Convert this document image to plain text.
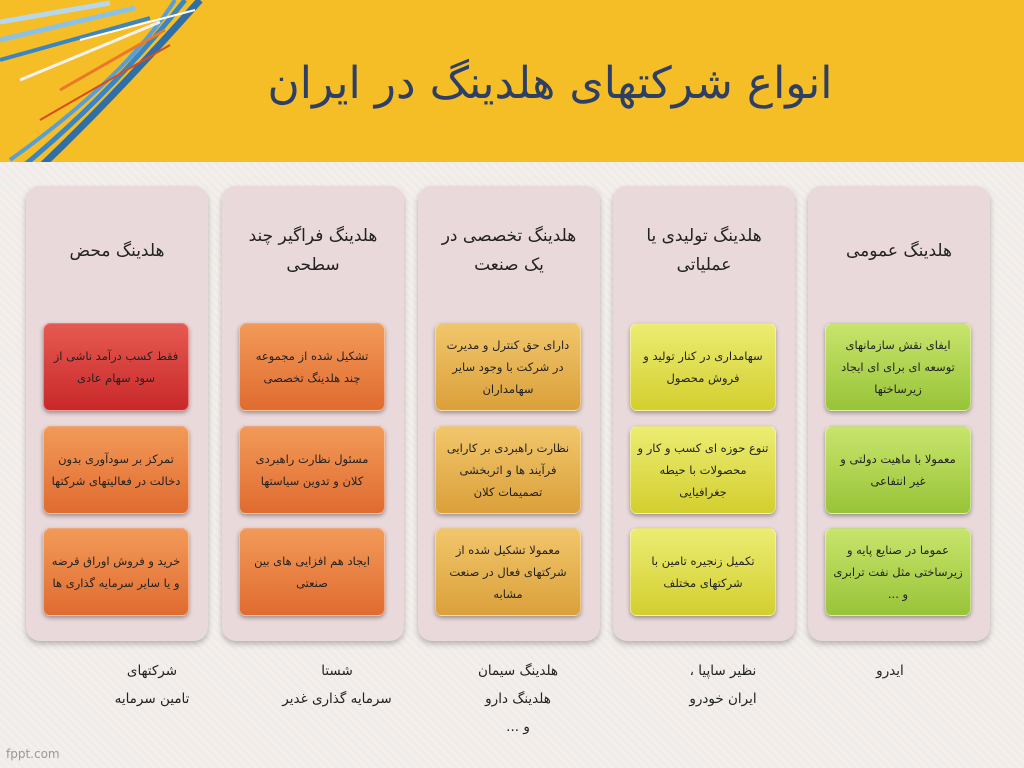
انواع شرکتهای هلدینگ در ایران
هلدینگ محض
فقط کسب درآمد ناشی از سود سهام عادی
تمرکز بر سودآوری بدون دخالت در فعالیتهای شرکتها
خرید و فروش اوراق قرضه و یا سایر سرمایه گذاری ها
هلدینگ فراگیر چند سطحی
تشکیل شده از مجموعه چند هلدینگ تخصصی
مسئول نظارت راهبردی کلان و تدوین سیاستها
ایجاد هم افزایی های بین صنعتی
هلدینگ تخصصی در یک صنعت
دارای حق کنترل و مدیرت در شرکت با وجود سایر سهامداران
نظارت راهبردی بر کارایی فرآیند ها و اثربخشی تصمیمات کلان
معمولا تشکیل شده از شرکتهای فعال در صنعت مشابه
هلدینگ تولیدی یا عملیاتی
سهامداری در کنار تولید و فروش محصول
تنوع حوزه ای کسب و کار و محصولات با حیطه جغرافیایی
تکمیل زنجیره تامین با شرکتهای مختلف
هلدینگ عمومی
ایفای نقش سازمانهای توسعه ای برای ای ایجاد زیرساختها
معمولا با ماهیت دولتی و غیر انتفاعی
عموما در صنایع پایه و زیرساختی مثل نفت ترابری و ...
شرکتهای
تامین سرمایه
شستا
سرمایه گذاری غدیر
هلدینگ سیمان
هلدینگ دارو
و ...
نظیر ساپیا ،
ایران خودرو
ایدرو
fppt.com
